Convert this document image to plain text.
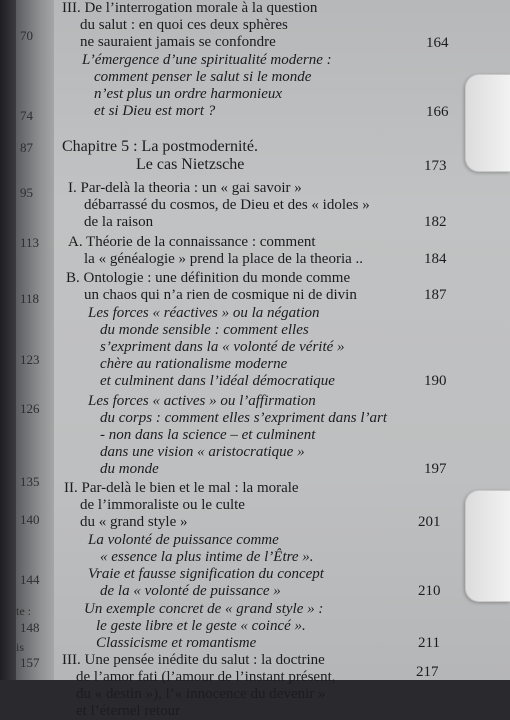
70
74
87
95
113
118
123
126
135
140
144
te :
148
is
157
III. De l’interrogation morale à la question
du salut : en quoi ces deux sphères
ne sauraient jamais se confondre	164
L’émergence d’une spiritualité moderne :
comment penser le salut si le monde
n’est plus un ordre harmonieux
et si Dieu est mort ?	166
Chapitre 5 : La postmodernité.
Le cas Nietzsche	173
I. Par-delà la theoria : un « gai savoir »
débarrassé du cosmos, de Dieu et des « idoles »
de la raison	182
A. Théorie de la connaissance : comment
la « généalogie » prend la place de la theoria ..	184
B. Ontologie : une définition du monde comme
un chaos qui n’a rien de cosmique ni de divin	187
Les forces « réactives » ou la négation
du monde sensible : comment elles
s’expriment dans la « volonté de vérité »
chère au rationalisme moderne
et culminent dans l’idéal démocratique	190
Les forces « actives » ou l’affirmation
du corps : comment elles s’expriment dans l’art
- non dans la science – et culminent
dans une vision « aristocratique »
du monde	197
II. Par-delà le bien et le mal : la morale
de l’immoraliste ou le culte
du « grand style »	201
La volonté de puissance comme
« essence la plus intime de l’Être ».
Vraie et fausse signification du concept
de la « volonté de puissance »	210
Un exemple concret de « grand style » :
le geste libre et le geste « coincé ».
Classicisme et romantisme	211
III. Une pensée inédite du salut : la doctrine
de l’amor fati (l’amour de l’instant présent,
du « destin »), l’« innocence du devenir »
et l’éternel retour
217
